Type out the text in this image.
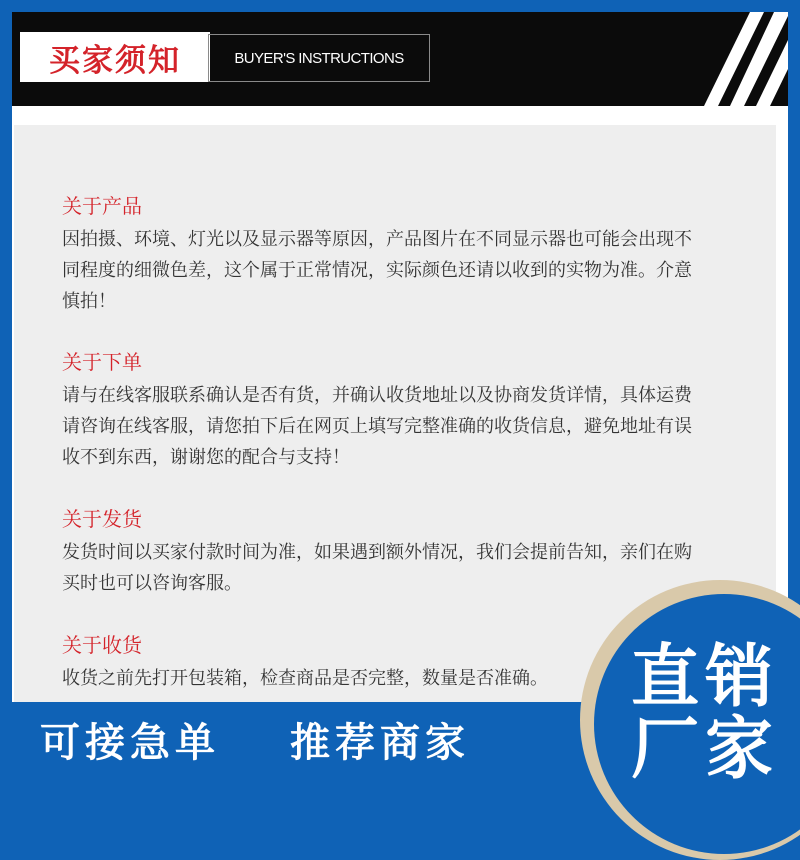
买家须知	BUYER'S INSTRUCTIONS

关于产品

因拍摄、环境、灯光以及显示器等原因，产品图片在不同显示器也可能会出现不同程度的细微色差，这个属于正常情况，实际颜色还请以收到的实物为准。介意慎拍！

关于下单

请与在线客服联系确认是否有货，并确认收货地址以及协商发货详情，具体运费请咨询在线客服，请您拍下后在网页上填写完整准确的收货信息，避免地址有误收不到东西，谢谢您的配合与支持！

关于发货

发货时间以买家付款时间为准，如果遇到额外情况，我们会提前告知，亲们在购买时也可以咨询客服。

关于收货

收货之前先打开包装箱，检查商品是否完整，数量是否准确。

可接急单 推荐商家
直销
厂家
